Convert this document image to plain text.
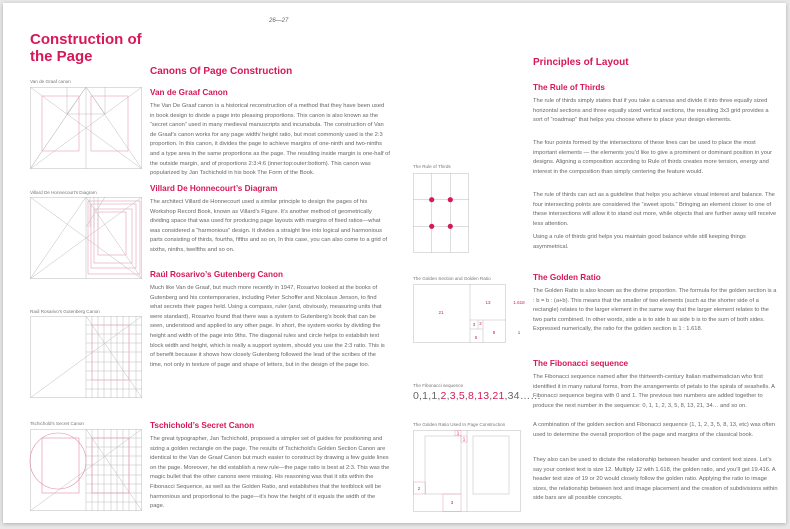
26—27
Construction of the Page
Canons Of Page Construction
Van de Graaf canon
Van de Graaf Canon
The Van De Graaf canon is a historical reconstruction of a method that they have been used in book design to divide a page into pleasing proportions. This canon is also known as the “secret canon” used in many medieval manuscripts and incunabula. The construction of Van de Graaf’s canon works for any page width/ height ratio, but most commonly used is the 2:3 proportion. In this canon, it divides the page to achieve margins of one-ninth and two-ninths and a type area in the same proportions as the page. The resulting inside margin is one-half of the outside margin, and of proportions 2:3:4:6 (inner:top:outer:bottom). This canon was popularized by Jan Tschichold in his book The Form of the Book.
Villard De Honnecourt's Diagram	Villard De Honnecourt’s Diagram
The architect Villard de Honnecourt used a similar principle to design the pages of his Workshop Record Book, known as Villard’s Figure. It’s another method of geometrically dividing space that was used for producing page layouts with margins of fixed ratios—what was considered a “harmonious” design. It divides a straight line into logical and harmonious parts consisting of thirds, fourths, fifths and so on, In this case, you can also come to a grid of sixths, ninths, twelfths and so on.
Raúl Rosarivo's Gutenberg Canon
Raúl Rosarivo’s Gutenberg Canon
Much like Van de Graaf, but much more recently in 1947, Rosarivo looked at the books of Gutenberg and his contemporaries, including Peter Schoffer and Nicolaus Jenson, to find what secrets their pages held. Using a compass, ruler (and, obviously, measuring units that were standard), Rosarivo found that there was a system to Gutenberg’s book that can be seen, understood and applied to any other page. In short, the system works by dividing the height and width of the page into 9ths. The diagonal rules and circle helps to establish text block width and height, which is really a support system, should you use the 2:3 ratio. This is of benefit because it shows how closely Gutenberg followed the lead of the scribes of the time, not only in texture of page and shape of letters, but in the design of the page too.
Tschichold's Secret Canon	Tschichold’s Secret Canon
The great typographer, Jan Tschichold, proposed a simpler set of guides for positioning and sizing a golden rectangle on the page. The results of Tschichold’s Golden Section Canon are identical to the Van de Graaf Canon but much easier to construct by drawing a few guide lines on the page. Moreover, he did establish a new rule—the page ratio is best at 2:3. This was the magic bullet that the other canons were missing. His reasoning was that it sits within the Fibonacci Sequence, as well as the Golden Ratio, and establishes that the textblock will be harmonious and proportional to the page—it’s how the height of it equals the width of the page.
The Rule of Thirds
The Golden Section and Golden Ratio
21
13
8
5
3 2
1.618
1
The Fibonacci sequence
0,1,1,2,3,5,8,13,21,34……
The Golden Ratio Used In Page Construction
1
1
2
3
Principles of Layout
The Rule of Thirds
The rule of thirds simply states that if you take a canvas and divide it into three equally sized horizontal sections and three equally sized vertical sections, the resulting 3x3 grid provides a sort of “roadmap” that helps you choose where to place your design elements.
The four points formed by the intersections of these lines can be used to place the most important elements — the elements you’d like to give a prominent or dominant position in your designs. Aligning a composition according to Rule of thirds creates more tension, energy and interest in the composition than simply centering the feature would.
The rule of thirds can act as a guideline that helps you achieve visual interest and balance. The four intersecting points are considered the “sweet spots.” Bringing an element closer to one of these intersections will allow it to stand out more, while objects that are further away will receive less attention.
Using a rule of thirds grid helps you maintain good balance while still keeping things asymmetrical.
The Golden Ratio
The Golden Ratio is also known as the divine proportion. The formula for the golden section is a : b = b : (a+b). This means that the smaller of two elements (such as the shorter side of a rectangle) relates to the larger element in the same way that the larger element relates to the two parts combined. In other words, side a is to side b as side b is to the sum of both sides. Expressed numerically, the ratio for the golden section is 1 : 1.618.
The Fibonacci sequence
The Fibonacci sequence named after the thirteenth-century Italian mathematician who first identified it in many natural forms, from the arrangements of petals to the spirals of seashells. A Fibonacci sequence begins with 0 and 1. The previous two numbers are added together to produce the next number in the sequence: 0, 1, 1, 2, 3, 5, 8, 13, 21, 34… and so on.
A combination of the golden section and Fibonacci sequence (1, 1, 2, 3, 5, 8, 13, etc) was often used to determine the overall proportion of the page and margins of the classical book.
They also can be used to dictate the relationship between header and content text sizes. Let’s say your context text is size 12. Multiply 12 with 1.618, the golden ratio, and you’ll get 19.416. A header text size of 19 or 20 would closely follow the golden ratio. Applying the ratio to image sizes, the relationship between text and image placement and the creation of subdivisions within side bars are all possible concepts.
